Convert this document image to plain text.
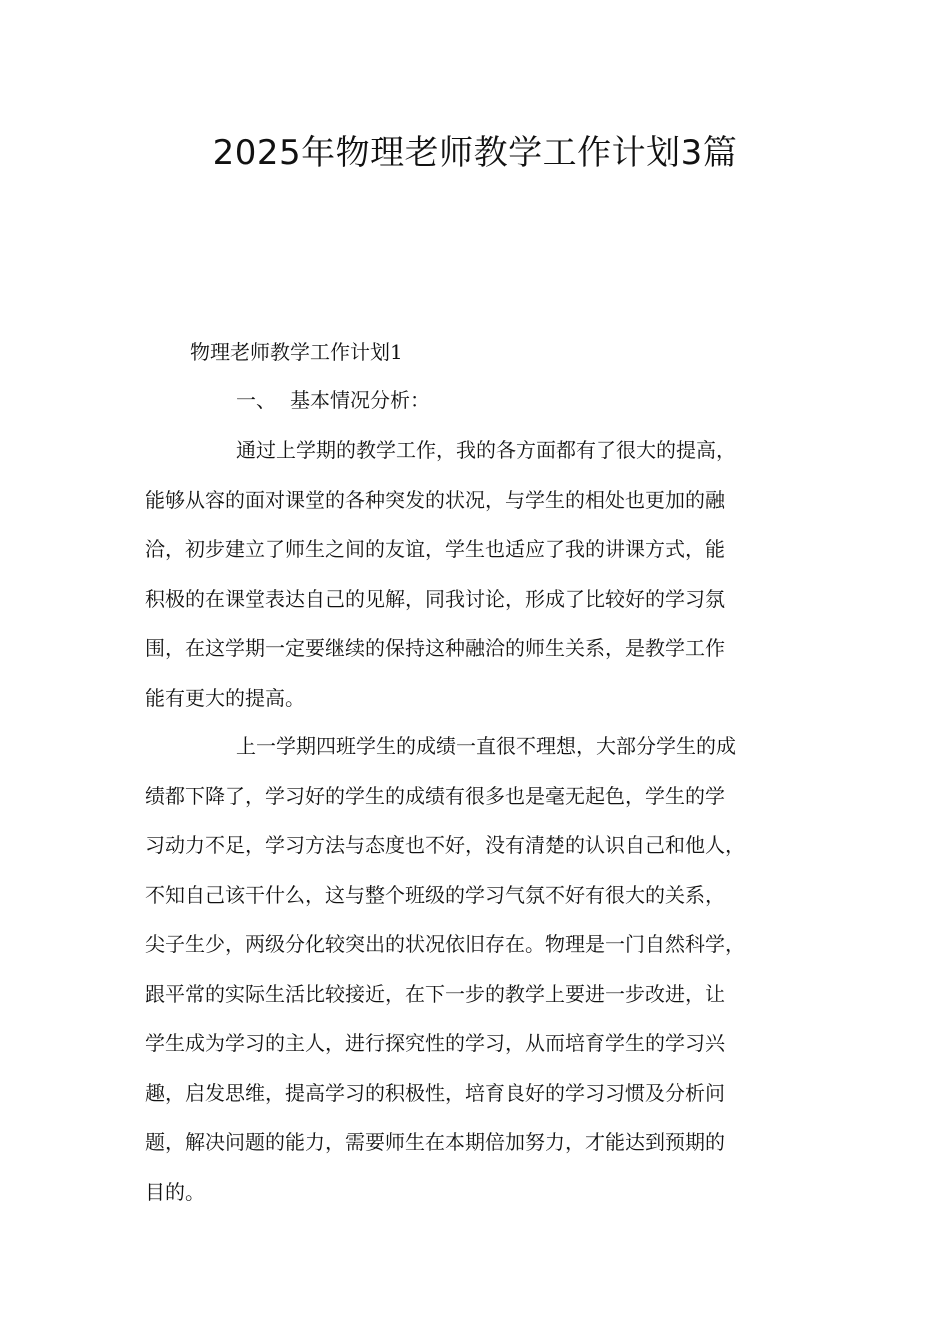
2025年物理老师教学工作计划3篇
物理老师教学工作计划1
一、 基本情况分析：

通过上学期的教学工作，我的各方面都有了很大的提高，
能够从容的面对课堂的各种突发的状况，与学生的相处也更加的融
洽，初步建立了师生之间的友谊，学生也适应了我的讲课方式，能
积极的在课堂表达自己的见解，同我讨论，形成了比较好的学习氛
围，在这学期一定要继续的保持这种融洽的师生关系，是教学工作
能有更大的提高。

上一学期四班学生的成绩一直很不理想，大部分学生的成
绩都下降了，学习好的学生的成绩有很多也是毫无起色，学生的学
习动力不足，学习方法与态度也不好，没有清楚的认识自己和他人，
不知自己该干什么，这与整个班级的学习气氛不好有很大的关系，
尖子生少，两级分化较突出的状况依旧存在。物理是一门自然科学，
跟平常的实际生活比较接近，在下一步的教学上要进一步改进，让
学生成为学习的主人，进行探究性的学习，从而培育学生的学习兴
趣，启发思维，提高学习的积极性，培育良好的学习习惯及分析问
题，解决问题的能力，需要师生在本期倍加努力，才能达到预期的
目的。
